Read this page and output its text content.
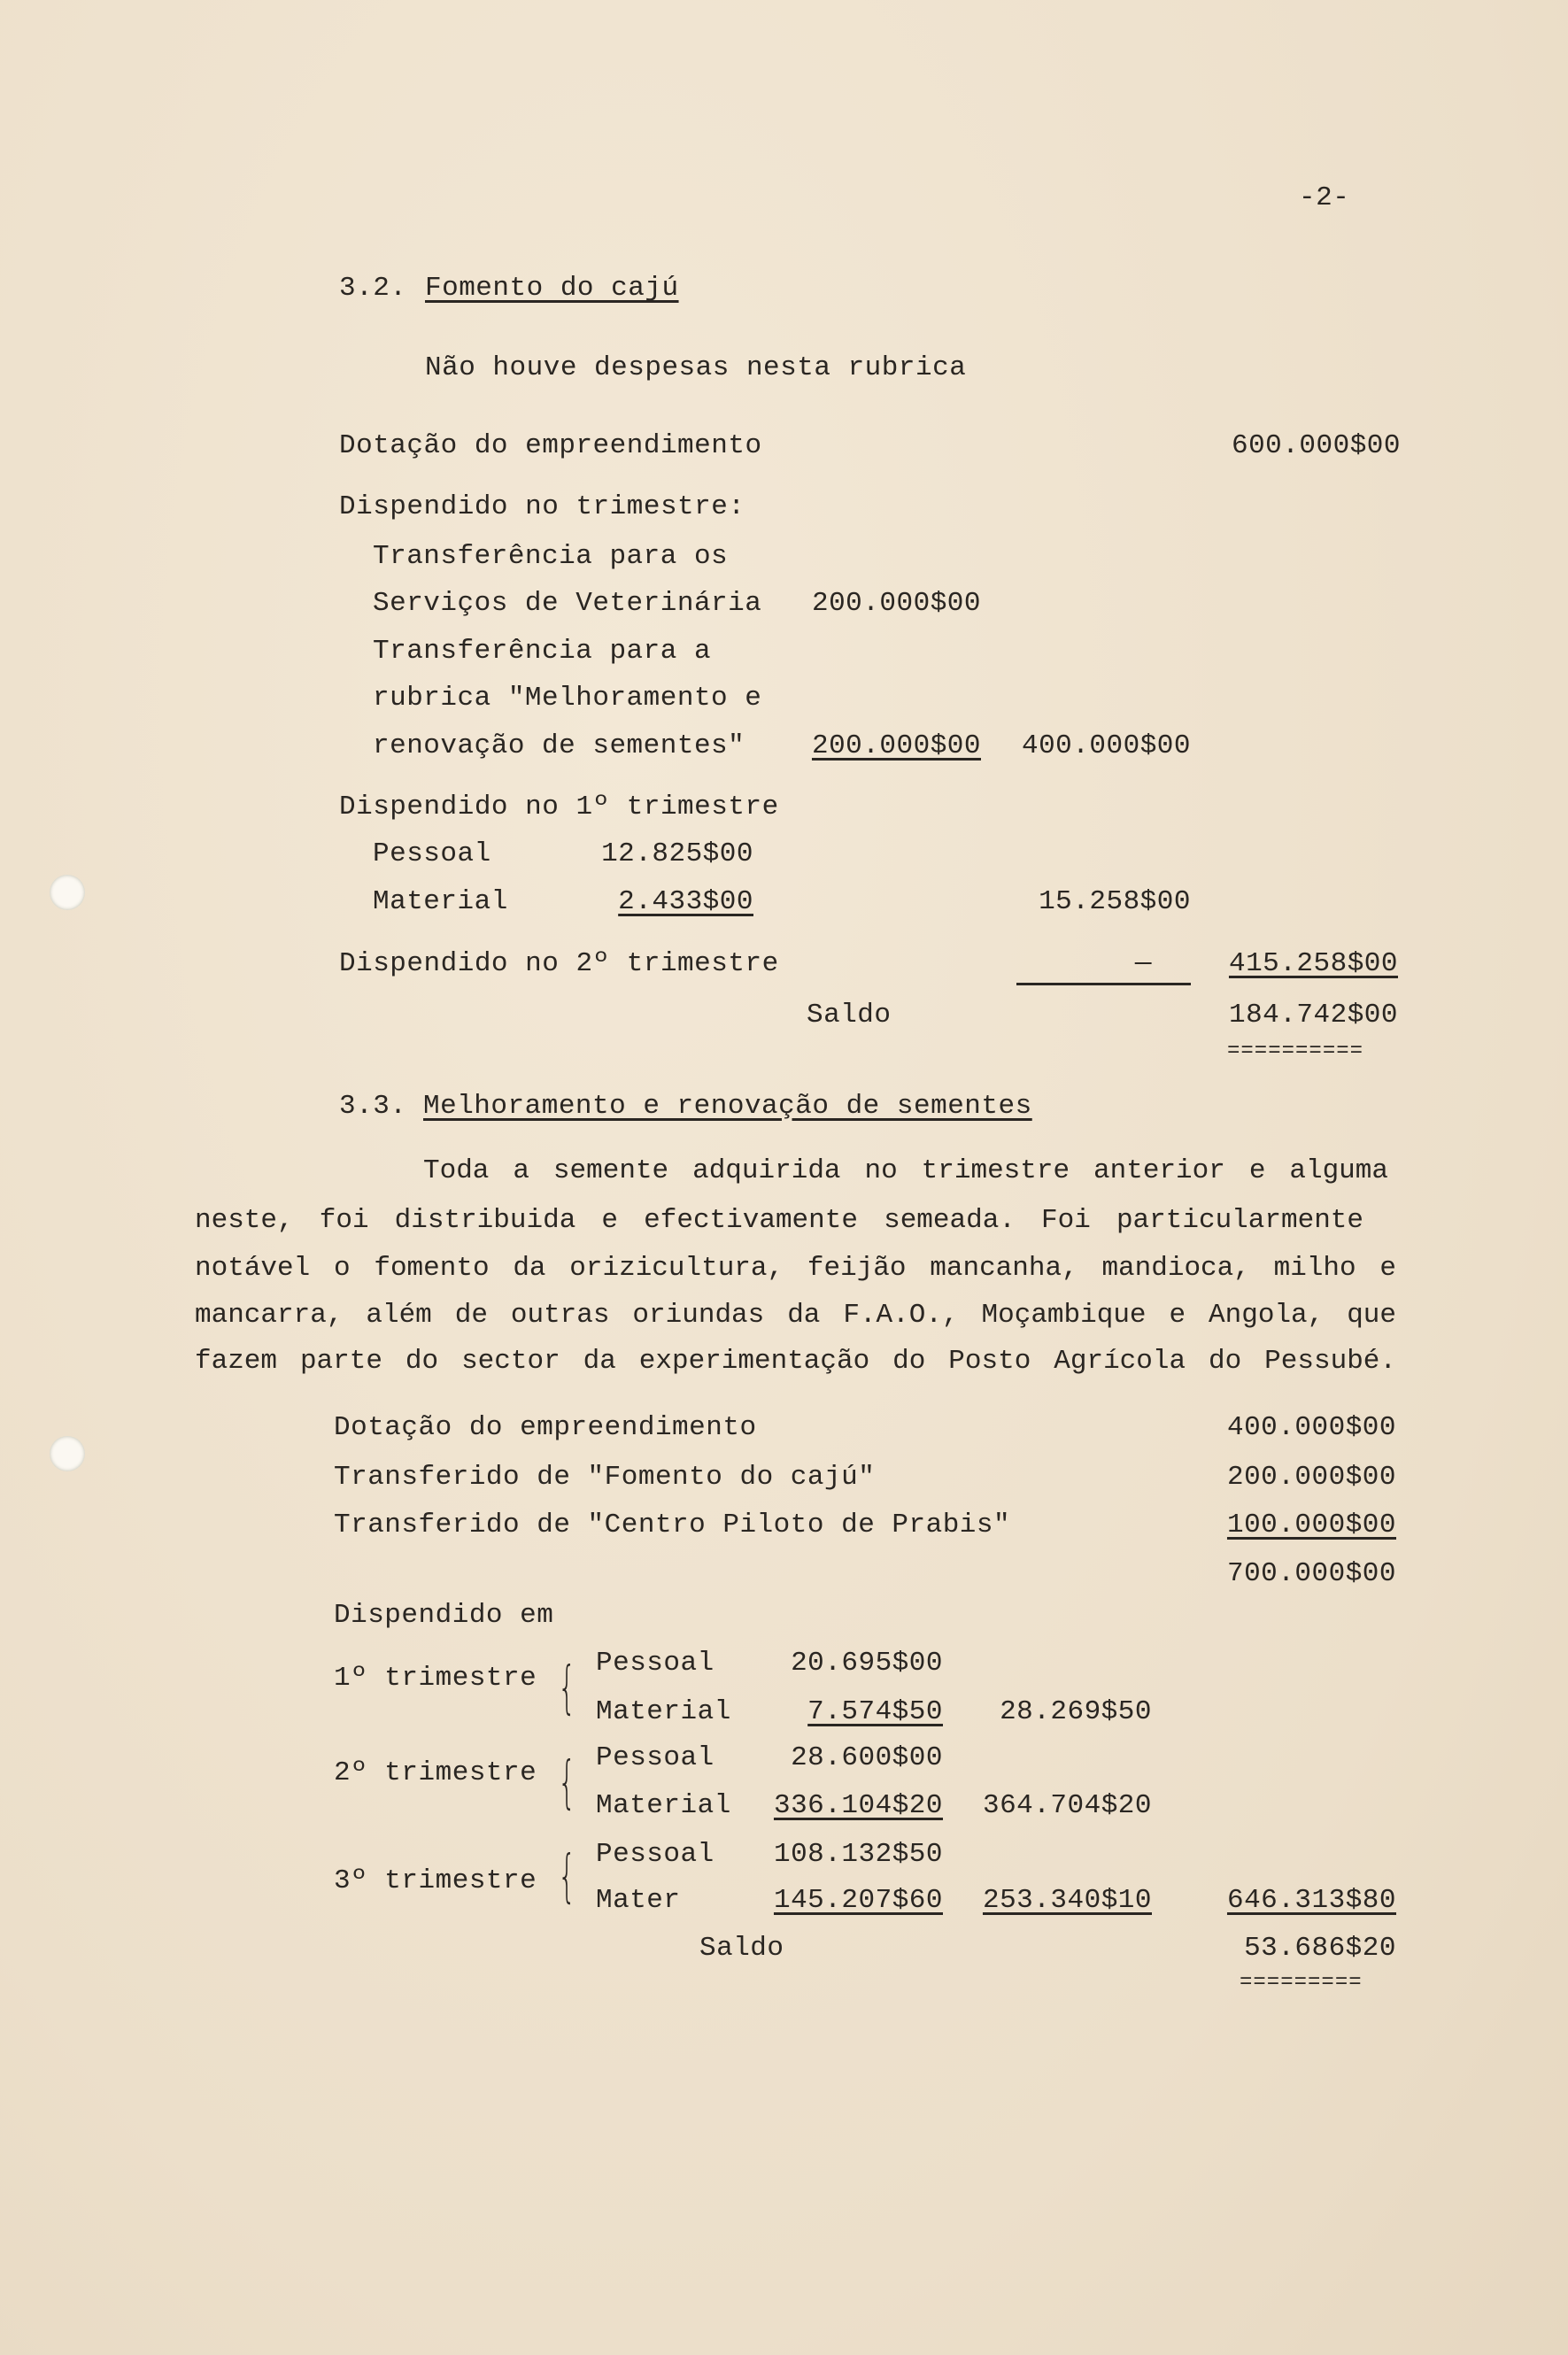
-2-
3.2. Fomento do cajú
Não houve despesas nesta rubrica
Dotação do empreendimento	600.000$00
Dispendido no trimestre:
Transferência para os
Serviços de Veterinária 200.000$00
Transferência para a
rubrica "Melhoramento e
renovação de sementes" 200.000$00 400.000$00
Dispendido no 1º trimestre
Pessoal	12.825$00
Material	2.433$00	15.258$00
Dispendido no 2º trimestre	—	415.258$00
Saldo	184.742$00
==========
3.3. Melhoramento e renovação de sementes
Toda a semente adquirida no trimestre anterior e alguma
neste, foi distribuida e efectivamente semeada. Foi particularmente
notável o fomento da orizicultura, feijão mancanha, mandioca, milho e
mancarra, além de outras oriundas da F.A.O., Moçambique e Angola, que
fazem parte do sector da experimentação do Posto Agrícola do Pessubé.
Dotação do empreendimento	400.000$00
Transferido de "Fomento do cajú"	200.000$00
Transferido de "Centro Piloto de Prabis"	100.000$00
700.000$00
Dispendido em
1º trimestre { Pessoal	20.695$00
Material	7.574$50 28.269$50
2º trimestre { Pessoal	28.600$00
Material 336.104$20 364.704$20
3º trimestre { Pessoal 108.132$50
Mater	145.207$60 253.340$10	646.313$80
Saldo	53.686$20
=========
